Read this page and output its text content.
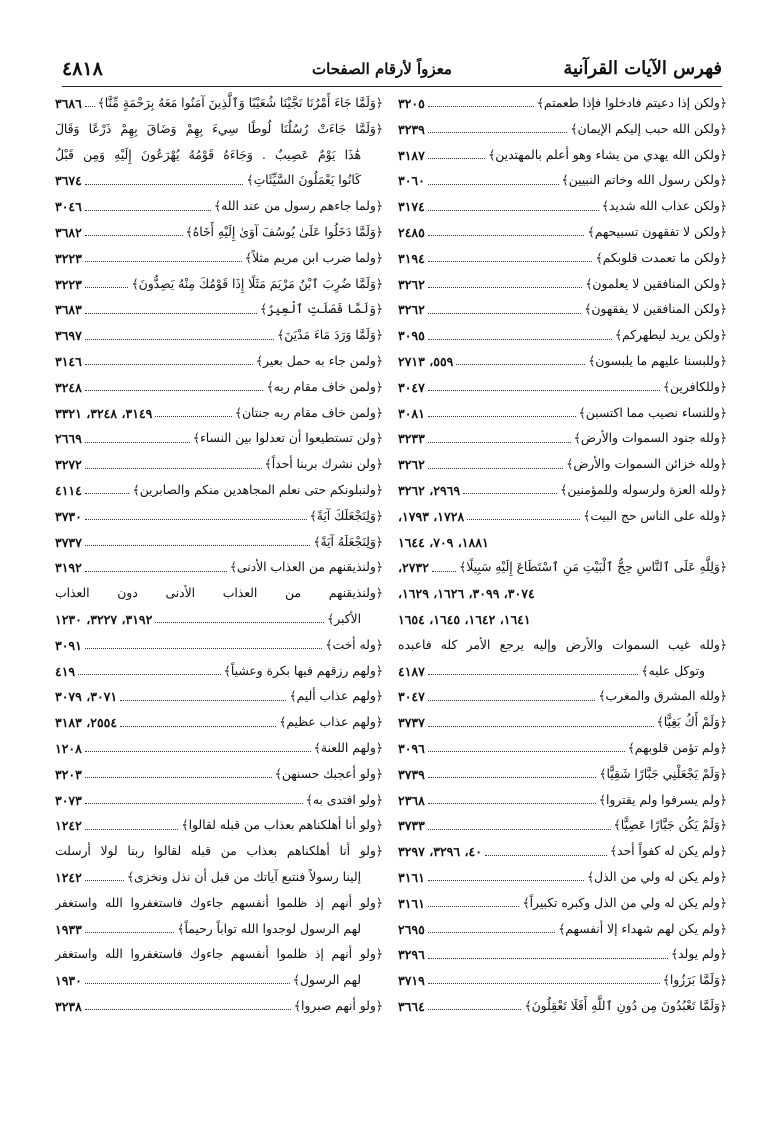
فهرس الآيات القرآنية
معزواً لأرقام الصفحات
٤٨١٨
﴿ولكن إذا دعيتم فادخلوا فإذا طعمتم﴾
٣٢٠٥
﴿ولكن الله حبب إليكم الإيمان﴾
٣٢٣٩
﴿ولكن الله يهدي من يشاء وهو أعلم بالمهتدين﴾
٣١٨٧
﴿ولكن رسول الله وخاتم النبيين﴾
٣٠٦٠
﴿ولكن عذاب الله شديد﴾
٣١٧٤
﴿ولكن لا تفقهون تسبيحهم﴾
٢٤٨٥
﴿ولكن ما تعمدت قلوبكم﴾
٣١٩٤
﴿ولكن المنافقين لا يعلمون﴾
٣٢٦٢
﴿ولكن المنافقين لا يفقهون﴾
٣٢٦٢
﴿ولكن يريد ليطهركم﴾
٣٠٩٥
﴿وللبسنا عليهم ما يلبسون﴾
٥٥٩، ٢٧١٣
﴿وللكافرين﴾
٣٠٤٧
﴿وللنساء نصيب مما اكتسبن﴾
٣٠٨١
﴿ولله جنود السموات والأرض﴾
٣٢٣٣
﴿ولله خزائن السموات والأرض﴾
٣٢٦٢
﴿ولله العزة ولرسوله وللمؤمنين﴾
٢٩٦٩، ٣٢٦٢
﴿ولله على الناس حج البيت﴾
١٧٢٨، ١٧٩٣،
١٨٨١، ٧٠٩، ١٦٤٤
﴿وَلِلَّهِ عَلَى ٱلنَّاسِ حِجُّ ٱلْبَيْتِ مَنِ ٱسْتَطَاعَ إِلَيْهِ سَبِيلًا﴾
٢٧٣٢،
٣٠٧٤، ٣٠٩٩، ١٦٢٦، ١٦٢٩،
١٦٤١، ١٦٤٢، ١٦٤٥، ١٦٥٤
﴿ولله غيب السموات والأرض وإليه يرجع الأمر كله فاعبده
وتوكل عليه﴾
٤١٨٧
﴿ولله المشرق والمغرب﴾
٣٠٤٧
﴿وَلَمْ أَكُ بَغِيًّا﴾
٣٧٣٧
﴿ولم تؤمن قلوبهم﴾
٣٠٩٦
﴿وَلَمْ يَجْعَلْنِي جَبَّارًا شَقِيًّا﴾
٣٧٣٩
﴿ولم يسرفوا ولم يقتروا﴾
٢٣٦٨
﴿وَلَمْ يَكُن جَبَّارًا عَصِيًّا﴾
٣٧٣٣
﴿ولم يكن له كفواً أحد﴾
٤٠، ٣٢٩٦، ٣٢٩٧
﴿ولم يكن له ولي من الذل﴾
٣١٦١
﴿ولم يكن له ولي من الذل وكبره تكبيراً﴾
٣١٦١
﴿ولم يكن لهم شهداء إلا أنفسهم﴾
٢٦٩٥
﴿ولم يولد﴾
٣٢٩٦
﴿وَلَمَّا بَرَزُوا﴾
٣٧١٩
﴿وَلَمَّا تَعْبُدُونَ مِن دُونِ ٱللَّهِ أَفَلَا تَعْقِلُونَ﴾
٣٦٦٤
﴿وَلَمَّا جَاءَ أَمْرُنَا نَجَّيْنَا شُعَيْبًا وَٱلَّذِينَ آمَنُوا مَعَهُ بِرَحْمَةٍ مِّنَّا﴾
٣٦٨٦
﴿وَلَمَّا جَاءَتْ رُسُلُنَا لُوطًا سِيءَ بِهِمْ وَضَاقَ بِهِمْ ذَرْعًا وَقَالَ
هَٰذَا يَوْمٌ عَصِيبٌ . وَجَاءَهُ قَوْمُهُ يُهْرَعُونَ إِلَيْهِ وَمِن قَبْلُ
كَانُوا يَعْمَلُونَ السَّيِّئَاتِ﴾
٣٦٧٤
﴿ولما جاءهم رسول من عند الله﴾
٣٠٤٦
﴿وَلَمَّا دَخَلُوا عَلَىٰ يُوسُفَ آوَىٰ إِلَيْهِ أَخَاهُ﴾
٣٦٨٢
﴿ولما ضرب ابن مريم مثلاً﴾
٣٢٢٣
﴿وَلَمَّا ضُرِبَ ٱبْنُ مَرْيَمَ مَثَلًا إِذَا قَوْمُكَ مِنْهُ يَصِدُّونَ﴾
٣٢٢٣
﴿وَلَمَّا فَصَلَتِ ٱلْعِيرُ﴾
٣٦٨٣
﴿وَلَمَّا وَرَدَ مَاءَ مَدْيَنَ﴾
٣٦٩٧
﴿ولمن جاء به حمل بعير﴾
٣١٤٦
﴿ولمن خاف مقام ربه﴾
٣٢٤٨
﴿ولمن خاف مقام ربه جنتان﴾
٣١٤٩، ٣٢٤٨، ٣٣٢١
﴿ولن تستطيعوا أن تعدلوا بين النساء﴾
٢٦٦٩
﴿ولن نشرك بربنا أحداً﴾
٣٢٧٢
﴿ولنبلونكم حتى نعلم المجاهدين منكم والصابرين﴾
٤١١٤
﴿وَلِنَجْعَلَكَ آيَةً﴾
٣٧٣٠
﴿وَلِنَجْعَلَهُ آيَةً﴾
٣٧٣٧
﴿ولنذيقنهم من العذاب الأدنى﴾
٣١٩٢
﴿ولنذيقنهم من العذاب الأدنى دون العذاب
الأكبر﴾
٣١٩٢، ٣٢٢٧، ١٢٣٠
﴿وله أخت﴾
٣٠٩١
﴿ولهم رزقهم فيها بكرة وعشياً﴾
٤١٩
﴿ولهم عذاب أليم﴾
٣٠٧١، ٣٠٧٩
﴿ولهم عذاب عظيم﴾
٢٥٥٤، ٣١٨٣
﴿ولهم اللعنة﴾
١٢٠٨
﴿ولو أعجبك حسنهن﴾
٣٢٠٣
﴿ولو افتدى به﴾
٣٠٧٣
﴿ولو أنا أهلكناهم بعذاب من قبله لقالوا﴾
١٢٤٢
﴿ولو أنا أهلكناهم بعذاب من قبله لقالوا ربنا لولا أرسلت
إلينا رسولاً فنتبع آياتك من قبل أن نذل ونخزى﴾
١٢٤٢
﴿ولو أنهم إذ ظلموا أنفسهم جاءوك فاستغفروا الله واستغفر
لهم الرسول لوجدوا الله تواباً رحيماً﴾
١٩٣٣
﴿ولو أنهم إذ ظلموا أنفسهم جاءوك فاستغفروا الله واستغفر
لهم الرسول﴾
١٩٣٠
﴿ولو أنهم صبروا﴾
٣٢٣٨
